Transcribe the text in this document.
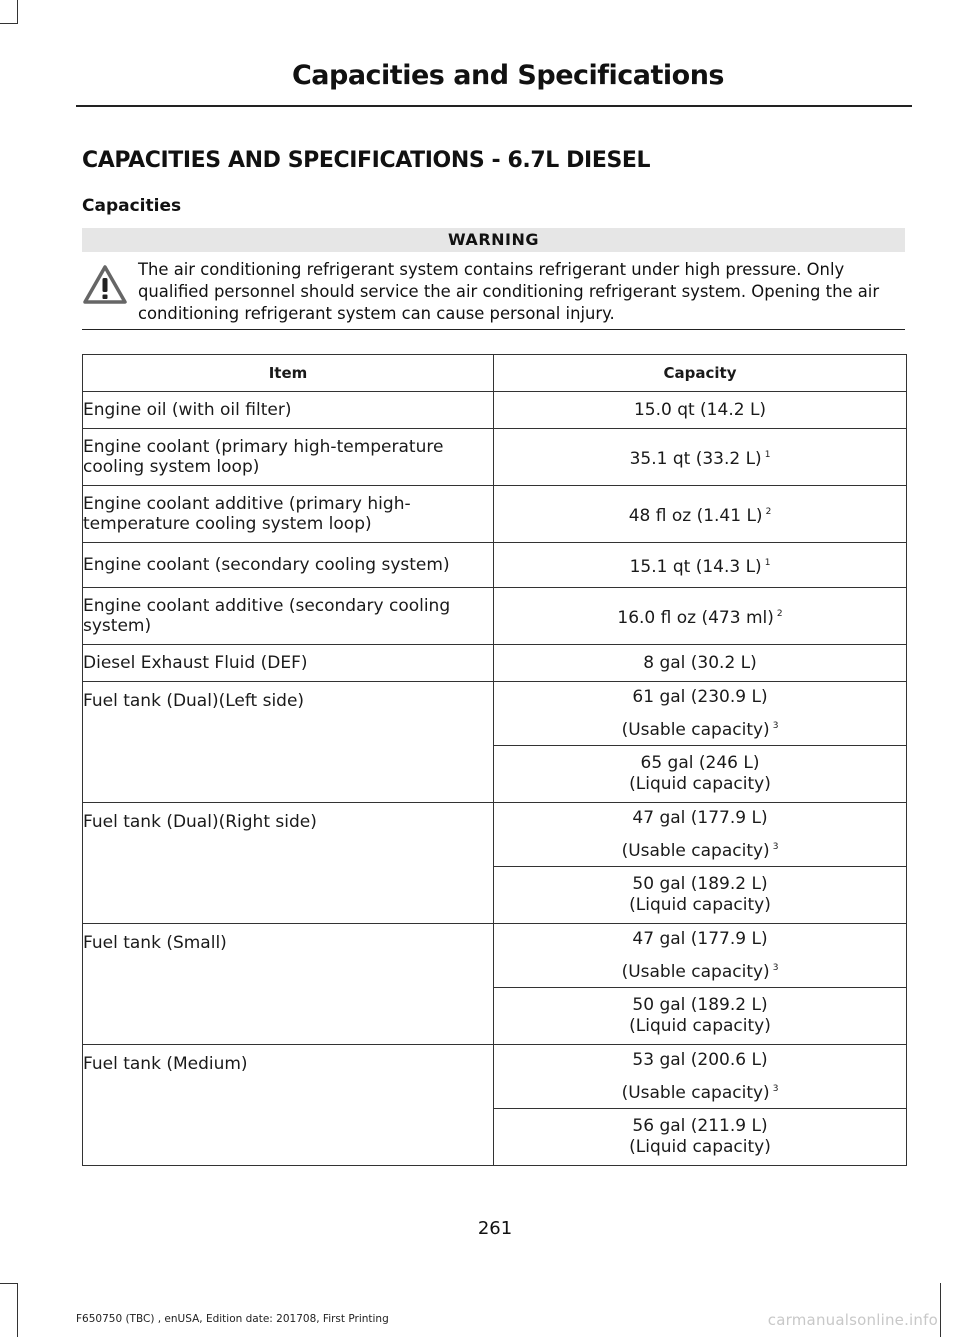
Capacities and Specifications
CAPACITIES AND SPECIFICATIONS - 6.7L DIESEL
Capacities
WARNING
The air conditioning refrigerant system contains refrigerant under high pressure. Only qualified personnel should service the air conditioning refrigerant system. Opening the air conditioning refrigerant system can cause personal injury.
Item	Capacity
Engine oil (with oil filter)	15.0 qt (14.2 L)
Engine coolant (primary high-temperature cooling system loop)	35.1 qt (33.2 L) $^1$
Engine coolant additive (primary high-temperature cooling system loop)	48 fl oz (1.41 L) $^2$
Engine coolant (secondary cooling system)	15.1 qt (14.3 L) $^1$
Engine coolant additive (secondary cooling system)	16.0 fl oz (473 ml) $^2$
Diesel Exhaust Fluid (DEF)	8 gal (30.2 L)
Fuel tank (Dual)(Left side)	61 gal (230.9 L)
(Usable capacity) $^3$

	65 gal (246 L)
(Liquid capacity)

Fuel tank (Dual)(Right side)	47 gal (177.9 L)
(Usable capacity) $^3$

	50 gal (189.2 L)
(Liquid capacity)

Fuel tank (Small)	47 gal (177.9 L)
(Usable capacity) $^3$

	50 gal (189.2 L)
(Liquid capacity)

Fuel tank (Medium)	53 gal (200.6 L)
(Usable capacity) $^3$

	56 gal (211.9 L)
(Liquid capacity)
261
F650750 (TBC) , enUSA, Edition date: 201708, First Printing	carmanualsonline.info
